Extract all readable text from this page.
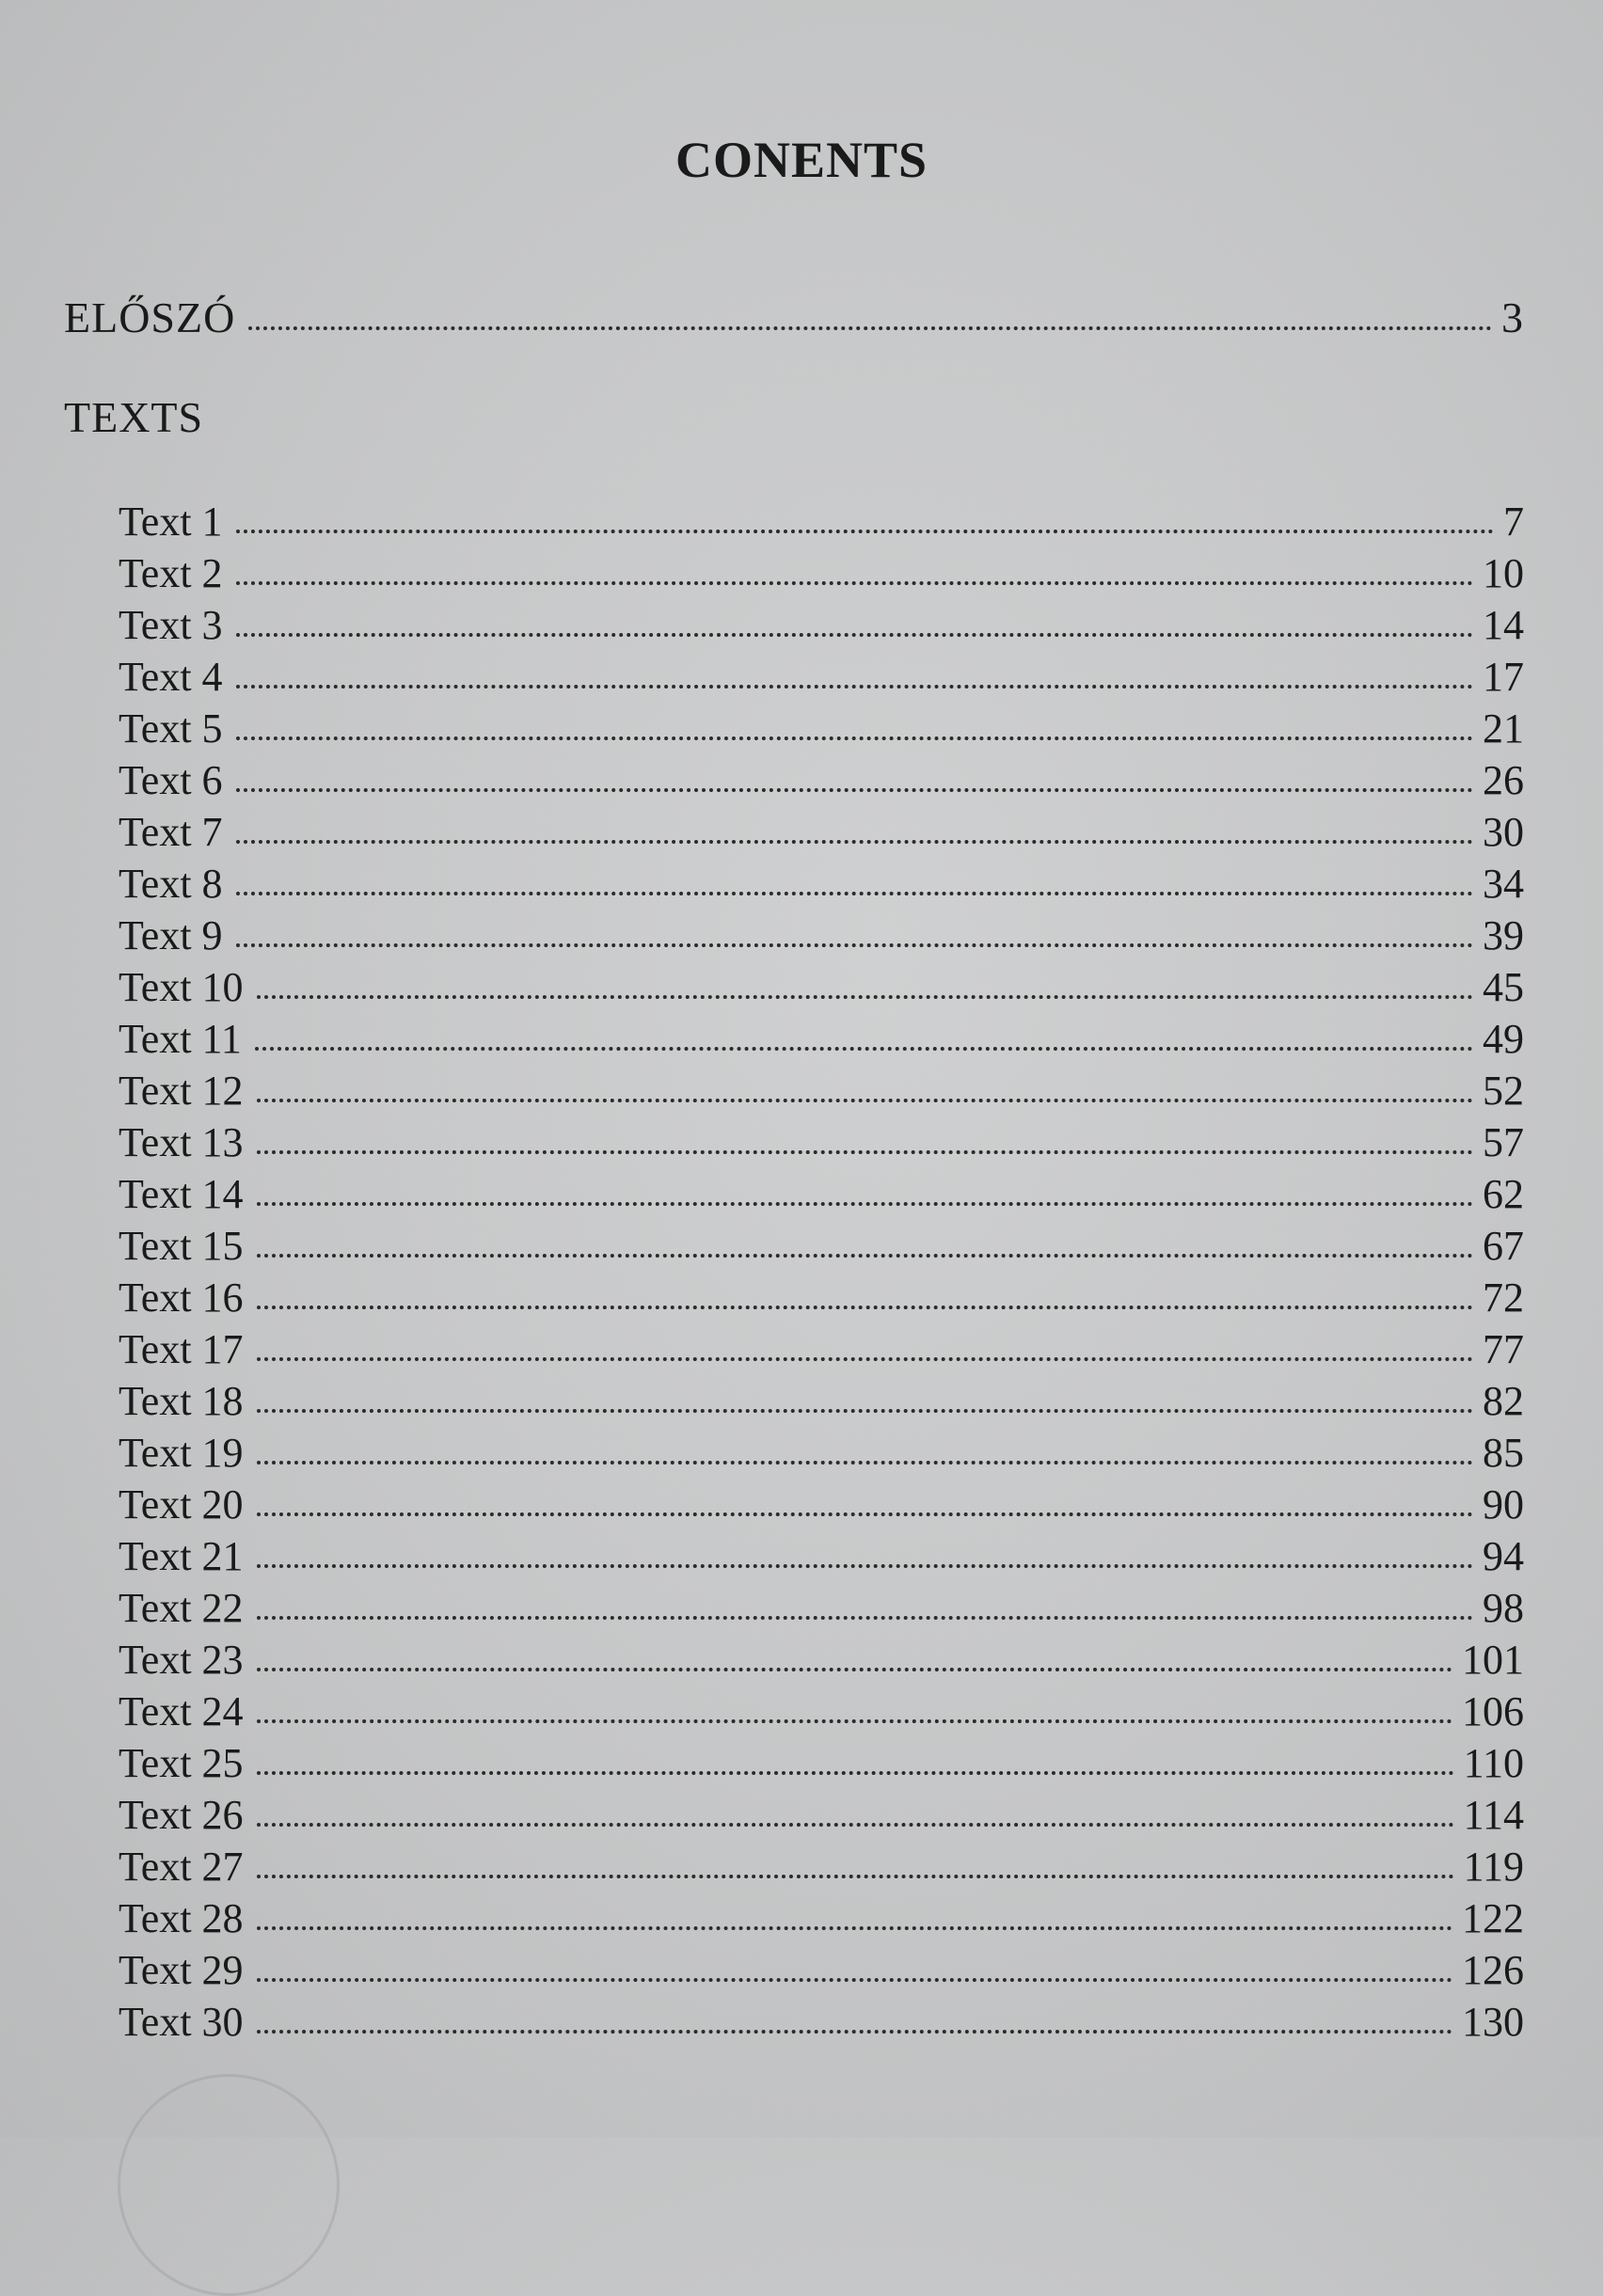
CONENTS
ELŐSZÓ	3
TEXTS
Text 1	7
Text 2	10
Text 3	14
Text 4	17
Text 5	21
Text 6	26
Text 7	30
Text 8	34
Text 9	39
Text 10	45
Text 11	49
Text 12	52
Text 13	57
Text 14	62
Text 15	67
Text 16	72
Text 17	77
Text 18	82
Text 19	85
Text 20	90
Text 21	94
Text 22	98
Text 23	101
Text 24	106
Text 25	110
Text 26	114
Text 27	119
Text 28	122
Text 29	126
Text 30	130
